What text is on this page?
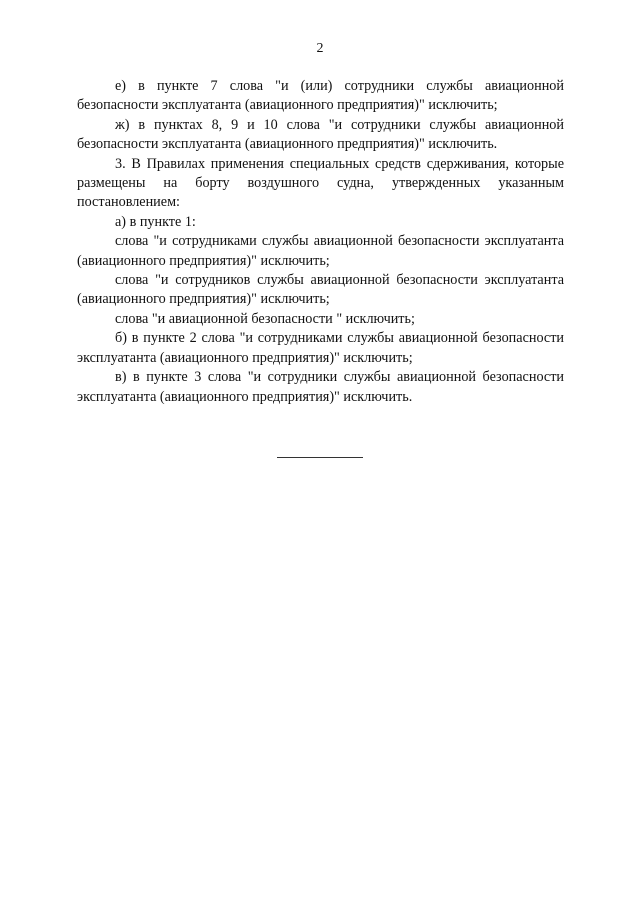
2

е) в пункте 7 слова "и (или) сотрудники службы авиационной безопасности эксплуатанта (авиационного предприятия)" исключить;

ж) в пунктах 8, 9 и 10 слова "и сотрудники службы авиационной безопасности эксплуатанта (авиационного предприятия)" исключить.

3. В Правилах применения специальных средств сдерживания, которые размещены на борту воздушного судна, утвержденных указанным постановлением:

а) в пункте 1:

слова "и сотрудниками службы авиационной безопасности эксплуатанта (авиационного предприятия)" исключить;

слова "и сотрудников службы авиационной безопасности эксплуатанта (авиационного предприятия)" исключить;

слова "и авиационной безопасности " исключить;

б) в пункте 2 слова "и сотрудниками службы авиационной безопасности эксплуатанта (авиационного предприятия)" исключить;

в) в пункте 3 слова "и сотрудники службы авиационной безопасности эксплуатанта (авиационного предприятия)" исключить.
